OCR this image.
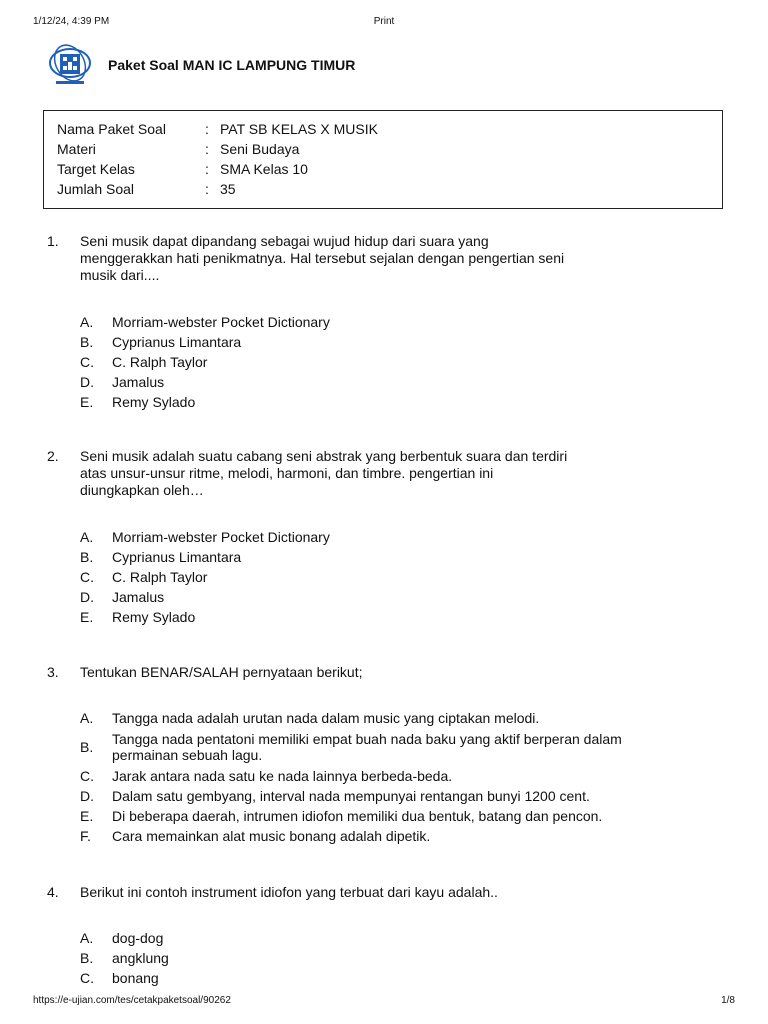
1/12/24, 4:39 PM	Print
Paket Soal MAN IC LAMPUNG TIMUR
Nama Paket Soal	: PAT SB KELAS X MUSIK
Materi	: Seni Budaya
Target Kelas	: SMA Kelas 10
Jumlah Soal	: 35
1. Seni musik dapat dipandang sebagai wujud hidup dari suara yang
menggerakkan hati penikmatnya. Hal tersebut sejalan dengan pengertian seni
musik dari....
A. Morriam-webster Pocket Dictionary
B. Cyprianus Limantara
C. C. Ralph Taylor
D. Jamalus
E. Remy Sylado
2. Seni musik adalah suatu cabang seni abstrak yang berbentuk suara dan terdiri
atas unsur-unsur ritme, melodi, harmoni, dan timbre. pengertian ini
diungkapkan oleh…
A. Morriam-webster Pocket Dictionary
B. Cyprianus Limantara
C. C. Ralph Taylor
D. Jamalus
E. Remy Sylado
3. Tentukan BENAR/SALAH pernyataan berikut;
A. Tangga nada adalah urutan nada dalam music yang ciptakan melodi.
B. Tangga nada pentatoni memiliki empat buah nada baku yang aktif berperan dalam
permainan sebuah lagu.
C. Jarak antara nada satu ke nada lainnya berbeda-beda.
D. Dalam satu gembyang, interval nada mempunyai rentangan bunyi 1200 cent.
E. Di beberapa daerah, intrumen idiofon memiliki dua bentuk, batang dan pencon.
F. Cara memainkan alat music bonang adalah dipetik.
4. Berikut ini contoh instrument idiofon yang terbuat dari kayu adalah..
A. dog-dog
B. angklung
C. bonang
https://e-ujian.com/tes/cetakpaketsoal/90262	1/8
